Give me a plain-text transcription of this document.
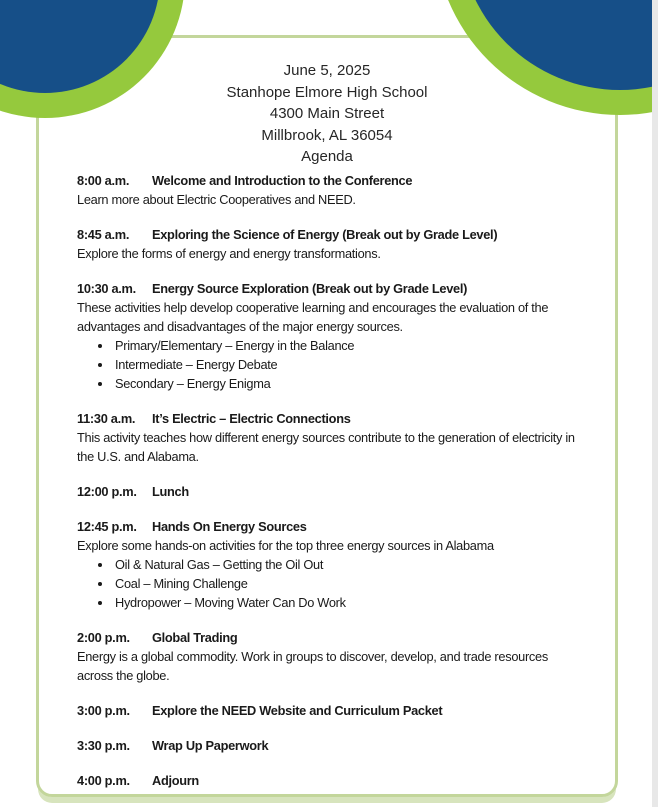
June 5, 2025
Stanhope Elmore High School
4300 Main Street
Millbrook, AL 36054
Agenda
8:00 a.m. Welcome and Introduction to the Conference

Learn more about Electric Cooperatives and NEED.

8:45 a.m. Exploring the Science of Energy (Break out by Grade Level)

Explore the forms of energy and energy transformations.

10:30 a.m. Energy Source Exploration (Break out by Grade Level)

These activities help develop cooperative learning and encourages the evaluation of the advantages and disadvantages of the major energy sources.

• Primary/Elementary – Energy in the Balance
• Intermediate – Energy Debate
• Secondary – Energy Enigma
11:30 a.m. It’s Electric – Electric Connections

This activity teaches how different energy sources contribute to the generation of electricity in the U.S. and Alabama.

12:00 p.m. Lunch
12:45 p.m. Hands On Energy Sources

Explore some hands-on activities for the top three energy sources in Alabama

• Oil & Natural Gas – Getting the Oil Out
• Coal – Mining Challenge
• Hydropower – Moving Water Can Do Work
2:00 p.m. Global Trading

Energy is a global commodity. Work in groups to discover, develop, and trade resources across the globe.

3:00 p.m. Explore the NEED Website and Curriculum Packet
3:30 p.m. Wrap Up Paperwork
4:00 p.m. Adjourn
